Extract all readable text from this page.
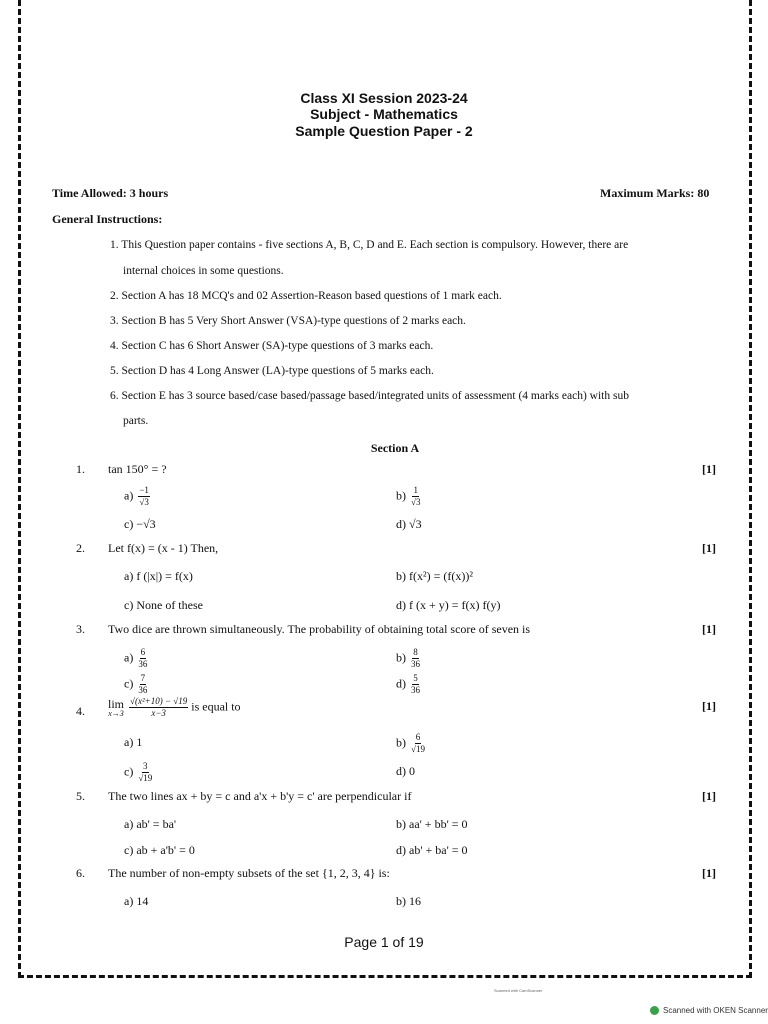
Class XI Session 2023-24
Subject - Mathematics
Sample Question Paper - 2
Time Allowed: 3 hours	Maximum Marks: 80
General Instructions:
1. This Question paper contains - five sections A, B, C, D and E. Each section is compulsory. However, there are
internal choices in some questions.
2. Section A has 18 MCQ's and 02 Assertion-Reason based questions of 1 mark each.
3. Section B has 5 Very Short Answer (VSA)-type questions of 2 marks each.
4. Section C has 6 Short Answer (SA)-type questions of 3 marks each.
5. Section D has 4 Long Answer (LA)-type questions of 5 marks each.
6. Section E has 3 source based/case based/passage based/integrated units of assessment (4 marks each) with sub
parts.
Section A
1. tan 150° = ?	[1]
$a) \frac{-1}{√3}$	$b) \frac{1}{√3}$
c) −√3	d) √3
2. Let f(x) = (x - 1) Then,	[1]
a) f (|x|) = f(x)	b) f(x²) = (f(x))²
c) None of these	d) f (x + y) = f(x) f(y)
3. Two dice are thrown simultaneously. The probability of obtaining total score of seven is	[1]
$a) \frac{6}{36}$	$b) \frac{8}{36}$
$c) \frac{7}{36}$	$d) \frac{5}{36}$
4.
lim
x→3
$\frac{\text{√(x²+10) − √19}}{x-3}$ is equal to	[1]
a) 1	$b) \frac{6}{√19}$
$c) \frac{3}{√19}$	d) 0
5. The two lines ax + by = c and a'x + b'y = c' are perpendicular if	[1]
a) ab' = ba'	b) aa' + bb' = 0
c) ab + a'b' = 0	d) ab' + ba' = 0
6. The number of non-empty subsets of the set {1, 2, 3, 4} is:	[1]
a) 14	b) 16
Page 1 of 19
Scanned with CamScanner
Scanned with OKEN Scanner
